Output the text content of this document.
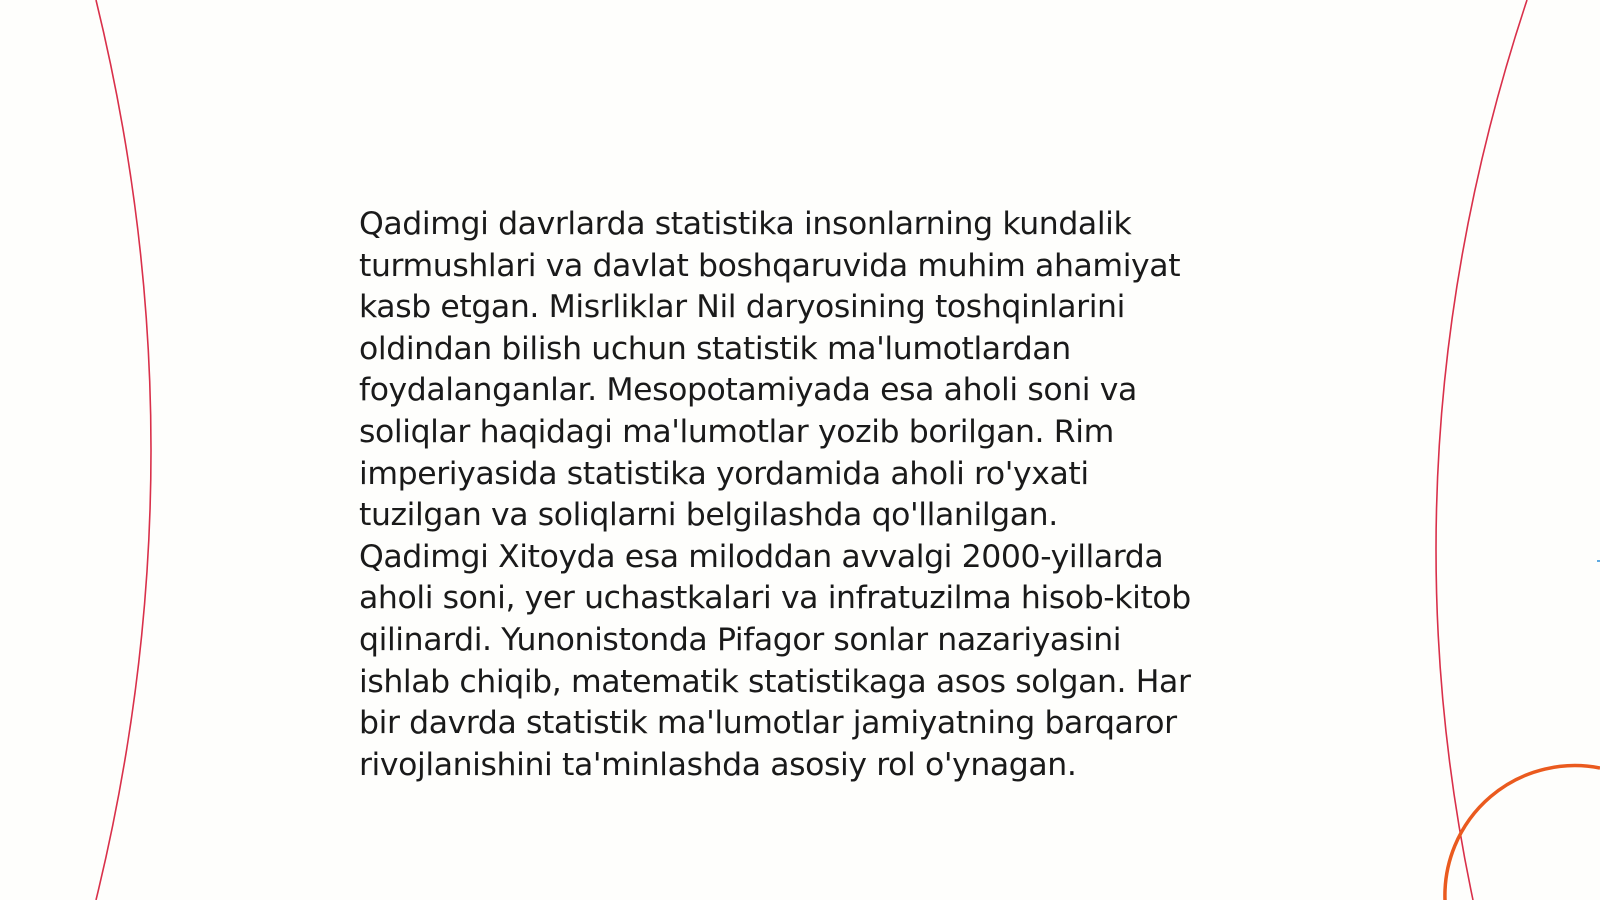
Qadimgi davrlarda statistika insonlarning kundalik
turmushlari va davlat boshqaruvida muhim ahamiyat
kasb etgan. Misrliklar Nil daryosining toshqinlarini
oldindan bilish uchun statistik ma'lumotlardan
foydalanganlar. Mesopotamiyada esa aholi soni va
soliqlar haqidagi ma'lumotlar yozib borilgan. Rim
imperiyasida statistika yordamida aholi ro'yxati
tuzilgan va soliqlarni belgilashda qo'llanilgan.
Qadimgi Xitoyda esa miloddan avvalgi 2000-yillarda
aholi soni, yer uchastkalari va infratuzilma hisob-kitob
qilinardi. Yunonistonda Pifagor sonlar nazariyasini
ishlab chiqib, matematik statistikaga asos solgan. Har
bir davrda statistik ma'lumotlar jamiyatning barqaror
rivojlanishini ta'minlashda asosiy rol o'ynagan.
